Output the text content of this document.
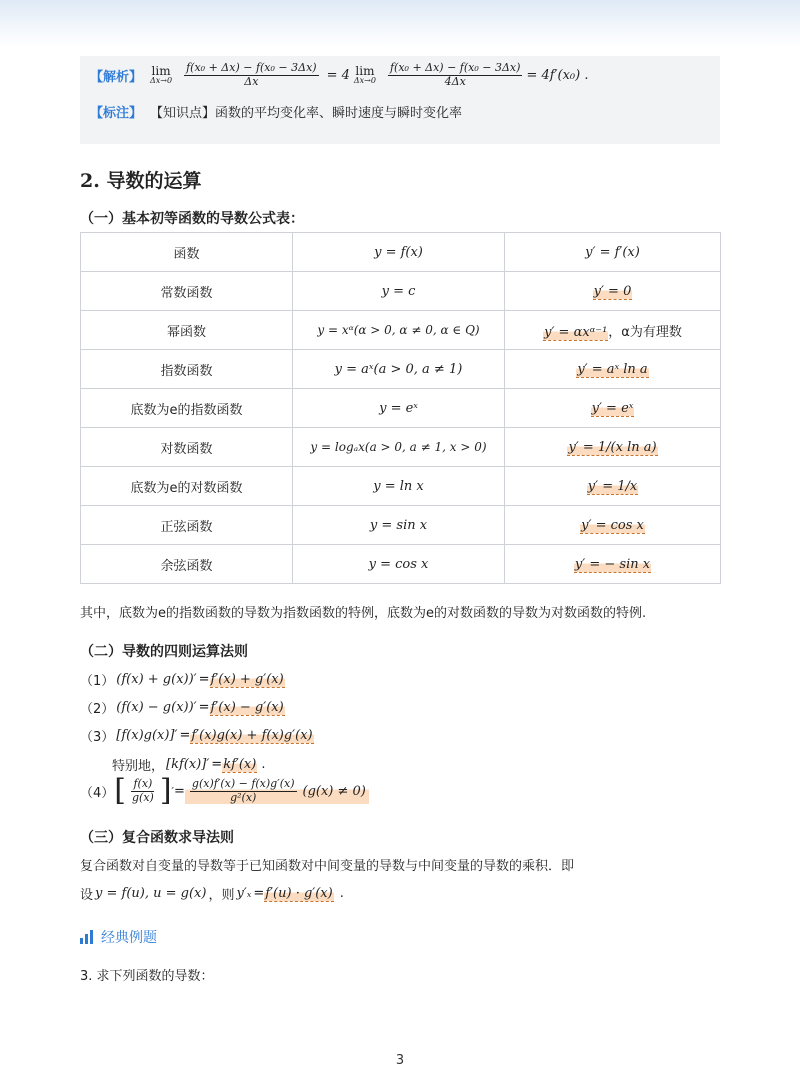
【解析】 lim
$\Delta x\to 0 \frac{\text{f(x₀ + Δx) − f(x₀ − 3Δx)}}{\Delta x} = 4$ lim
$\Delta x\to 0 \frac{\text{f(x₀ + Δx) − f(x₀ − 3Δx)}}{4\Delta x} = 4f'(x_0)$ .
【标注】 【知识点】函数的平均变化率、瞬时速度与瞬时变化率
2. 导数的运算
（一）基本初等函数的导数公式表：
函数	y = f(x)	y′ = f′(x)
常数函数	y = c	y′ = 0
幂函数	y = xᵅ(α > 0, α ≠ 0, α ∈ Q)	y′ = αxᵅ⁻¹，α为有理数
指数函数	y = aˣ(a > 0, a ≠ 1)	y′ = aˣ ln a
底数为e的指数函数	y = eˣ	y′ = eˣ
对数函数	y = logₐx(a > 0, a ≠ 1, x > 0)	y′ = 1/(x ln a)
底数为e的对数函数	y = ln x	y′ = 1/x
正弦函数	y = sin x	y′ = cos x
余弦函数	y = cos x	y′ = − sin x
其中，底数为e的指数函数的导数为指数函数的特例，底数为e的对数函数的导数为对数函数的特例.
（二）导数的四则运算法则
（1） (f(x) + g(x))′ = f′(x) + g′(x)
（2） (f(x) − g(x))′ = f′(x) − g′(x)
（3） [f(x)g(x)]′ = f′(x)g(x) + f(x)g′(x)
特别地， [kf(x)]′ = kf′(x) .
（4） [ $\frac{f(x)}{g(x)}$ ] ′ = $\frac{g(x)f'(x) - f(x)g'(x)}{\text{g²(x)}} (g(x) \ne 0)$
（三）复合函数求导法则
复合函数对自变量的导数等于已知函数对中间变量的导数与中间变量的导数的乘积．即
设 y = f(u), u = g(x) ，则 y′ₓ = f′(u) · g′(x) .
经典例题
3. 求下列函数的导数：
3
